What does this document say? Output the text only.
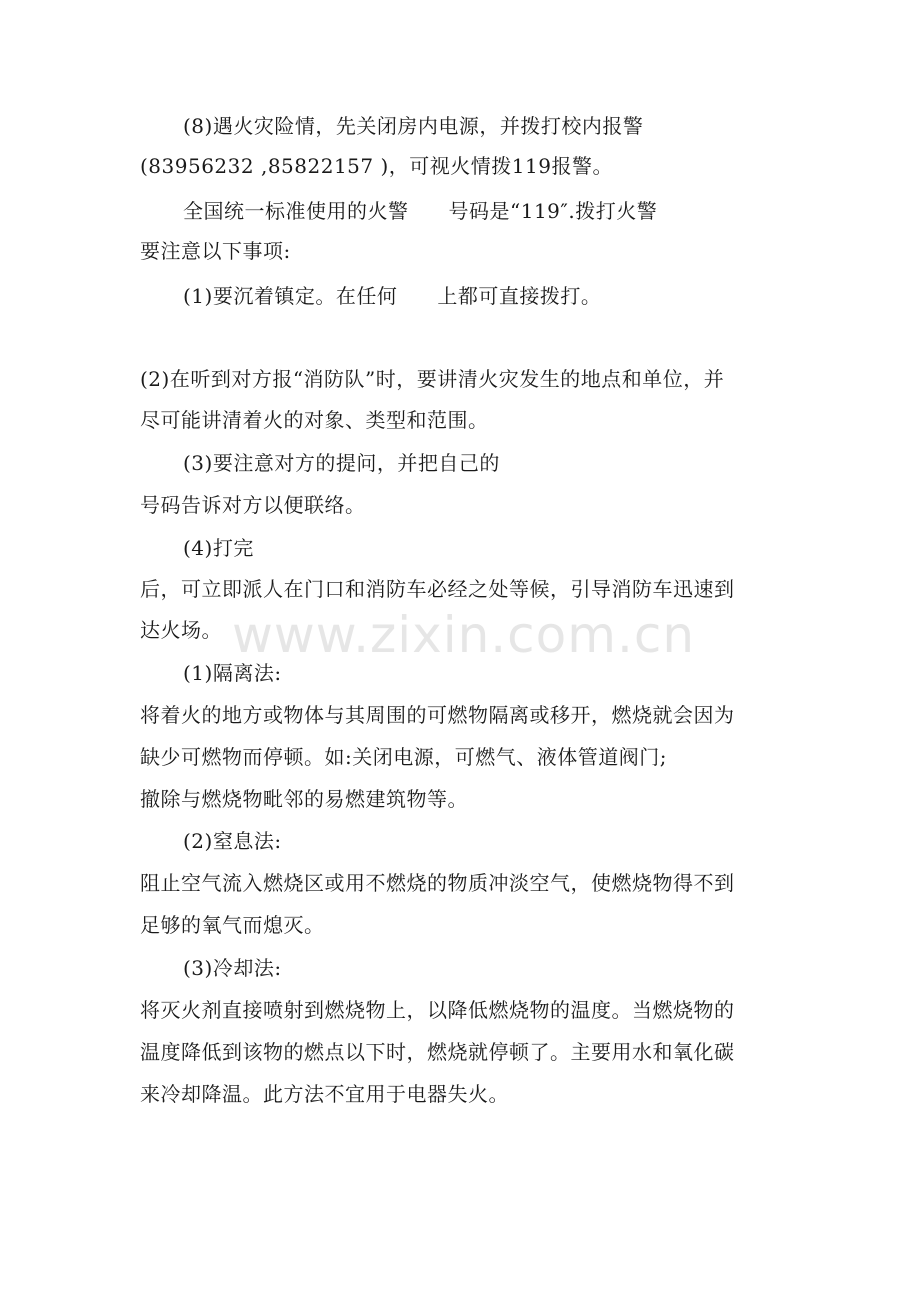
(8)遇火灾险情，先关闭房内电源，并拨打校内报警
(83956232 ,85822157 )，可视火情拨119报警。
全国统一标准使用的火警 号码是“119″.拨打火警
要注意以下事项:
(1)要沉着镇定。在任何 上都可直接拨打。
(2)在听到对方报“消防队”时，要讲清火灾发生的地点和单位，并
尽可能讲清着火的对象、类型和范围。
(3)要注意对方的提问，并把自己的
号码告诉对方以便联络。
(4)打完
后，可立即派人在门口和消防车必经之处等候，引导消防车迅速到
达火场。
(1)隔离法:
将着火的地方或物体与其周围的可燃物隔离或移开，燃烧就会因为
缺少可燃物而停顿。如:关闭电源，可燃气、液体管道阀门;
撤除与燃烧物毗邻的易燃建筑物等。
(2)窒息法:
阻止空气流入燃烧区或用不燃烧的物质冲淡空气，使燃烧物得不到
足够的氧气而熄灭。
(3)冷却法:
将灭火剂直接喷射到燃烧物上，以降低燃烧物的温度。当燃烧物的
温度降低到该物的燃点以下时，燃烧就停顿了。主要用水和氧化碳
来冷却降温。此方法不宜用于电器失火。
www.zixin.com.cn
